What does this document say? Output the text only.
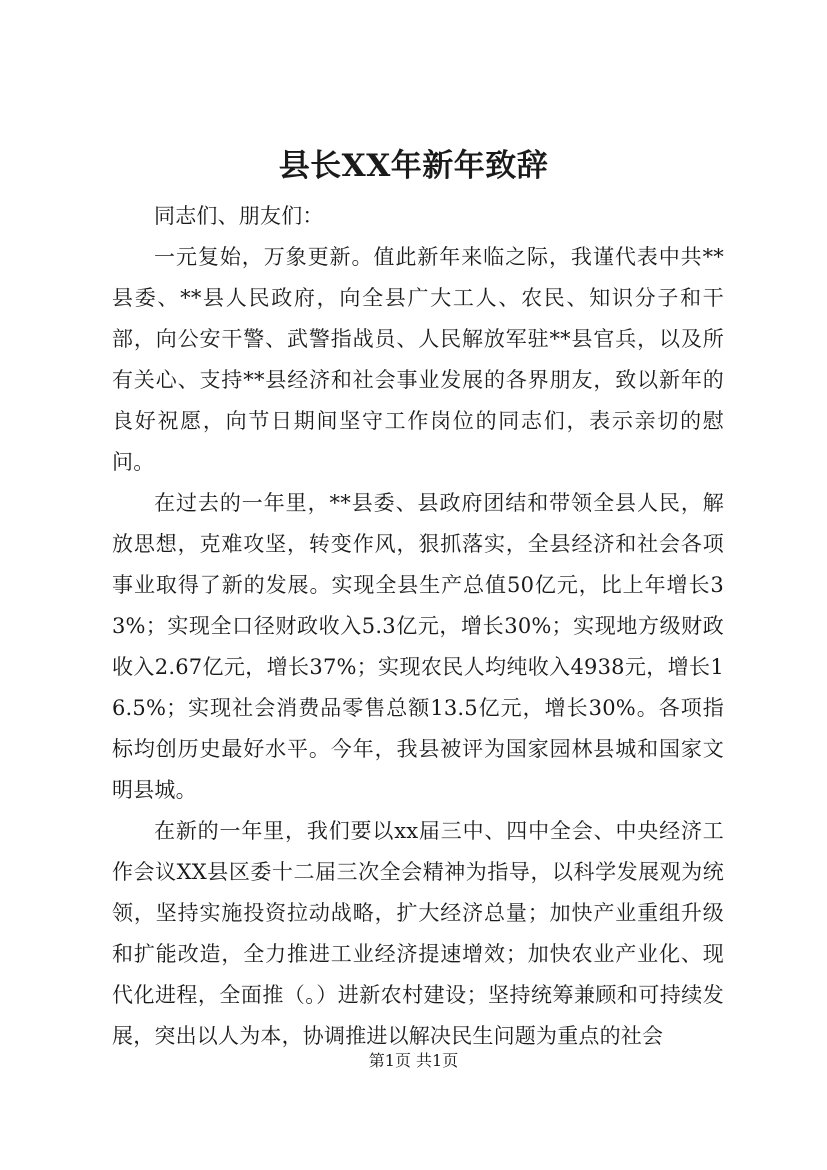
县长XX年新年致辞

同志们、朋友们：

一元复始，万象更新。值此新年来临之际，我谨代表中共**县委、**县人民政府，向全县广大工人、农民、知识分子和干部，向公安干警、武警指战员、人民解放军驻**县官兵，以及所有关心、支持**县经济和社会事业发展的各界朋友，致以新年的良好祝愿，向节日期间坚守工作岗位的同志们，表示亲切的慰问。

在过去的一年里，**县委、县政府团结和带领全县人民，解放思想，克难攻坚，转变作风，狠抓落实，全县经济和社会各项事业取得了新的发展。实现全县生产总值50亿元，比上年增长33%；实现全口径财政收入5.3亿元，增长30%；实现地方级财政收入2.67亿元，增长37%；实现农民人均纯收入4938元，增长16.5%；实现社会消费品零售总额13.5亿元，增长30%。各项指标均创历史最好水平。今年，我县被评为国家园林县城和国家文明县城。

在新的一年里，我们要以xx届三中、四中全会、中央经济工作会议XX县区委十二届三次全会精神为指导，以科学发展观为统领，坚持实施投资拉动战略，扩大经济总量；加快产业重组升级和扩能改造，全力推进工业经济提速增效；加快农业产业化、现代化进程，全面推（。）进新农村建设；坚持统筹兼顾和可持续发展，突出以人为本，协调推进以解决民生问题为重点的社会

第1页 共1页
